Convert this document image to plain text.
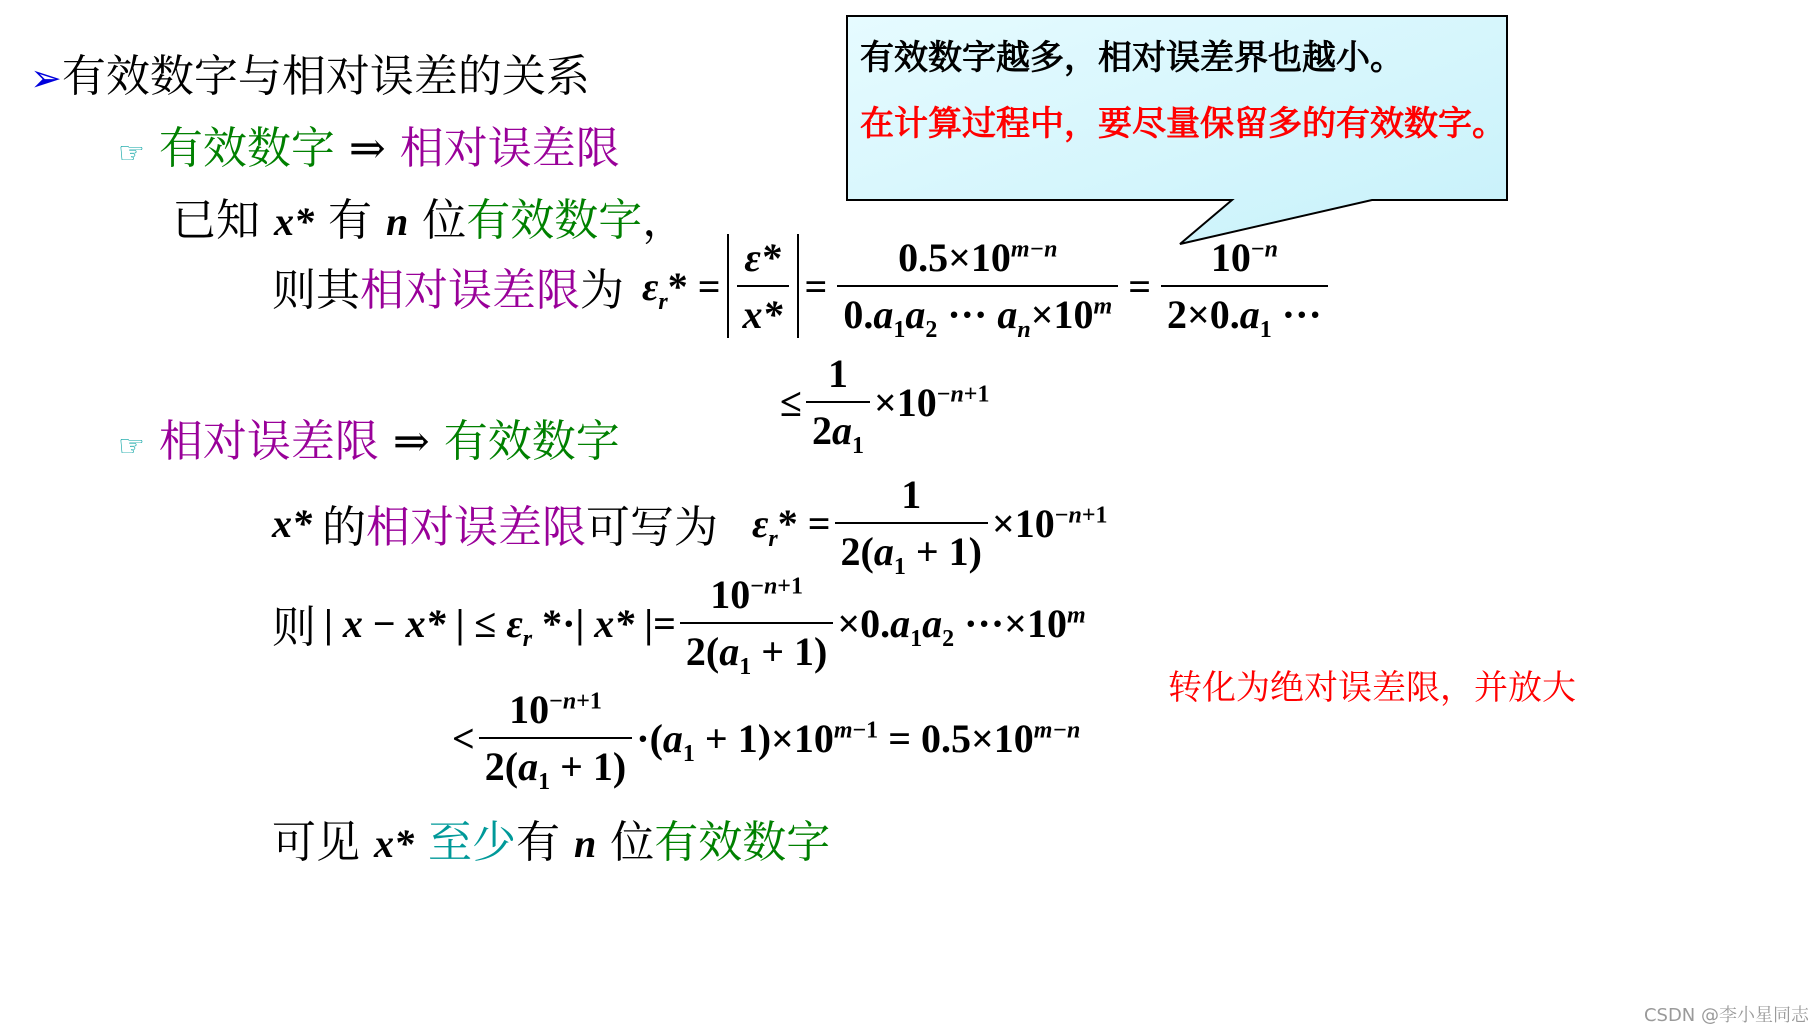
➢有效数字与相对误差的关系	有效数字越多，相对误差界也越小。
在计算过程中，要尽量保留多的有效数字。
☞ 有效数字 ⇒ 相对误差限
已知 x* 有 n 位有效数字，
则其 相对误差限 为 $\varepsilon_r* = \frac{\varepsilon*}{x*} = \frac{0.5\times 10^{m-n}}{0.a_1a_2 \cdot\cdot\cdot a_n\times 10^m} = \frac{10^{-n}}{2\times 0.a_1 \cdot\cdot\cdot}$
≤ $\frac{1}{2a_1} \times 10^{-n+1}$
☞ 相对误差限 ⇒ 有效数字
x* 的 相对误差限 可写为 $\varepsilon_r* = \frac{1}{2(a_1 + 1)} \times 10^{-n+1}$
则 | x − x* | ≤ $\varepsilon_r$ *·| x* |= $\frac{10^{-n+1}}{2(a_1 + 1)} \times 0.a_1a_2 \cdot\cdot\cdot\times 10^m$
转化为绝对误差限，并放大
< $\frac{10^{-n+1}}{2(a_1 + 1)} \cdot(a_1 + 1)\times 10^{m-1} = 0.5\times 10^{m-n}$
可见 x* 至少有 n 位有效数字
CSDN @李小星同志
